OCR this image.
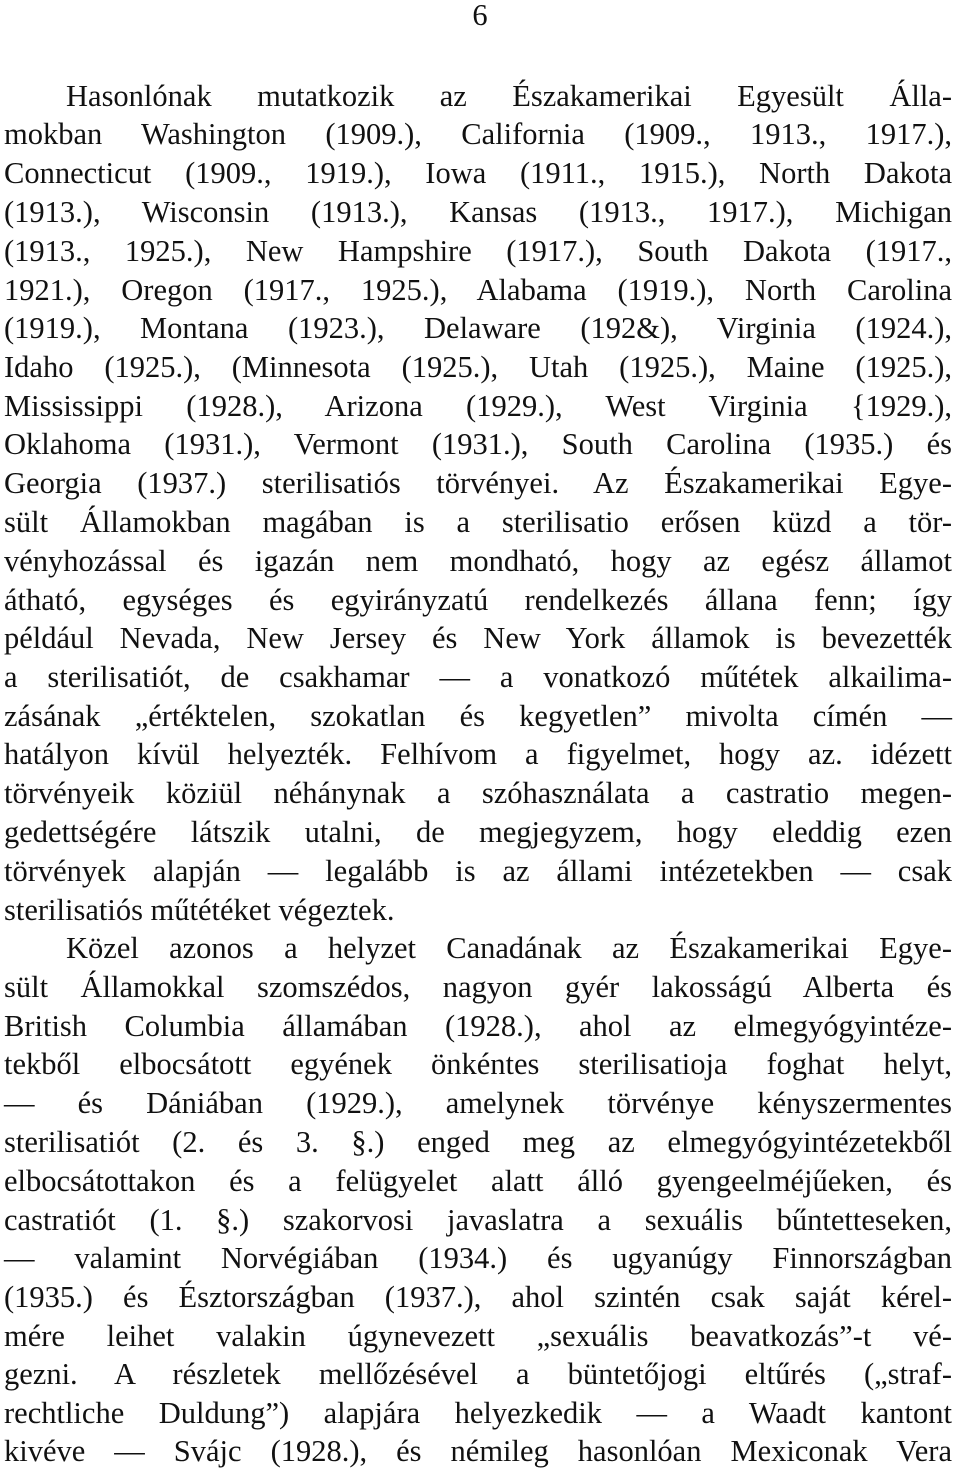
6
Hasonlónak mutatkozik az Északamerikai Egyesült Álla-
mokban Washington (1909.), California (1909., 1913., 1917.),
Connecticut (1909., 1919.), Iowa (1911., 1915.), North Dakota
(1913.), Wisconsin (1913.), Kansas (1913., 1917.), Michigan
(1913., 1925.), New Hampshire (1917.), South Dakota (1917.,
1921.), Oregon (1917., 1925.), Alabama (1919.), North Carolina
(1919.), Montana (1923.), Delaware (192&), Virginia (1924.),
Idaho (1925.), (Minnesota (1925.), Utah (1925.), Maine (1925.),
Mississippi (1928.), Arizona (1929.), West Virginia {1929.),
Oklahoma (1931.), Vermont (1931.), South Carolina (1935.) és
Georgia (1937.) sterilisatiós törvényei. Az Északamerikai Egye-
sült Államokban magában is a sterilisatio erősen küzd a tör-
vényhozással és igazán nem mondható, hogy az egész államot
átható, egységes és egyirányzatú rendelkezés állana fenn; így
például Nevada, New Jersey és New York államok is bevezették
a sterilisatiót, de csakhamar — a vonatkozó műtétek alkailima-
zásának „értéktelen, szokatlan és kegyetlen” mivolta címén —
hatályon kívül helyezték. Felhívom a figyelmet, hogy az. idézett
törvényeik köziül néhánynak a szóhasználata a castratio megen-
gedettségére látszik utalni, de megjegyzem, hogy eleddig ezen
törvények alapján — legalább is az állami intézetekben — csak
sterilisatiós műtétéket végeztek.
Közel azonos a helyzet Canadának az Északamerikai Egye-
sült Államokkal szomszédos, nagyon gyér lakosságú Alberta és
British Columbia államában (1928.), ahol az elmegyógyintéze-
tekből elbocsátott egyének önkéntes sterilisatioja foghat helyt,
— és Dániában (1929.), amelynek törvénye kényszermentes
sterilisatiót (2. és 3. §.) enged meg az elmegyógyintézetekből
elbocsátottakon és a felügyelet alatt álló gyengeelméjűeken, és
castratiót (1. §.) szakorvosi javaslatra a sexuális bűntetteseken,
— valamint Norvégiában (1934.) és ugyanúgy Finnországban
(1935.) és Észtországban (1937.), ahol szintén csak saját kérel-
mére leihet valakin úgynevezett „sexuális beavatkozás”-t vé-
gezni. A részletek mellőzésével a büntetőjogi eltűrés („straf-
rechtliche Duldung”) alapjára helyezkedik — a Waadt kantont
kivéve — Svájc (1928.), és némileg hasonlóan Mexiconak Vera
